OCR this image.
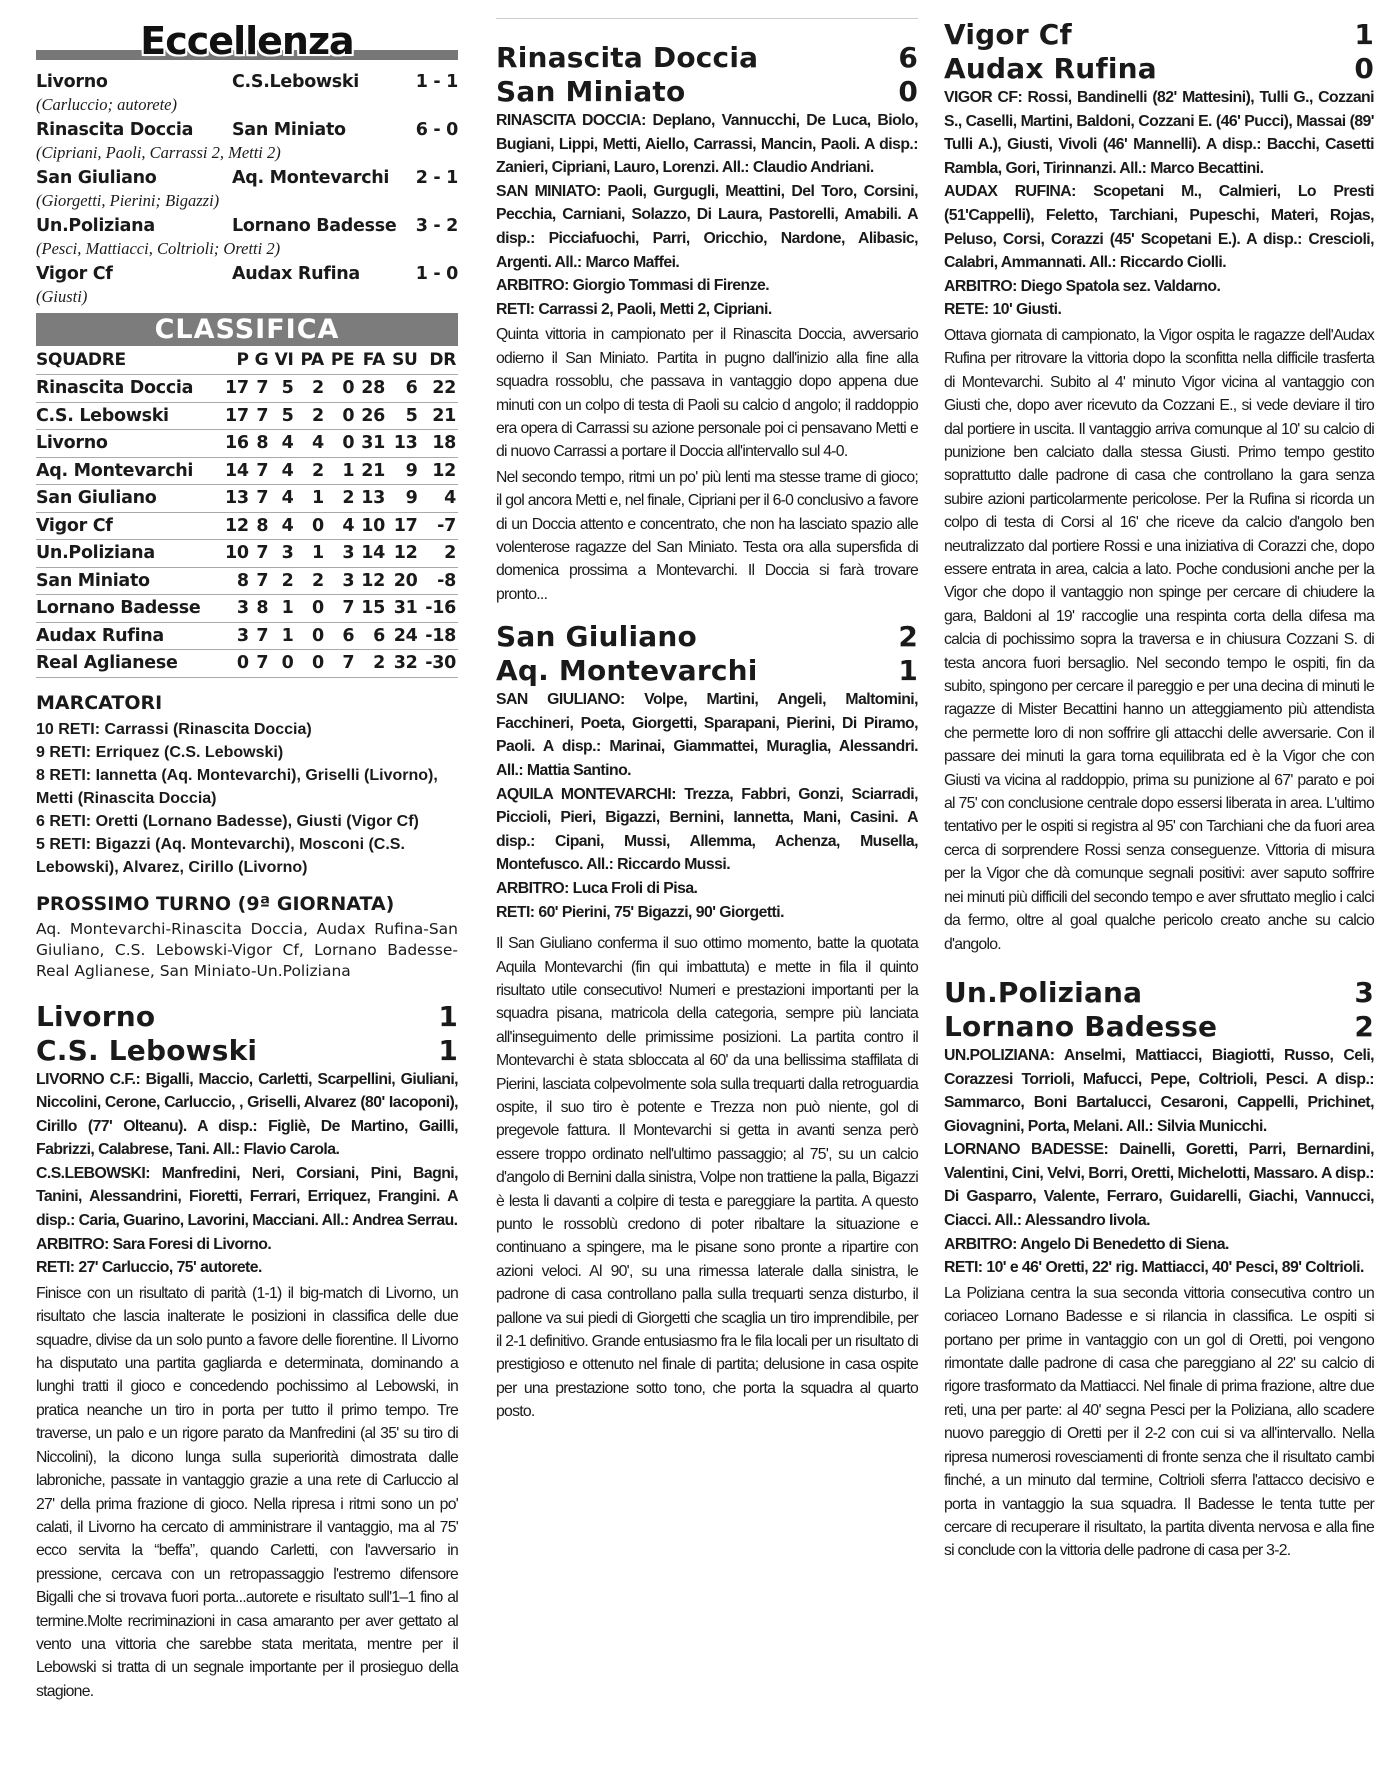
Eccellenza
Livorno	C.S.Lebowski	1 - 1
(Carluccio; autorete)
Rinascita Doccia	San Miniato	6 - 0
(Cipriani, Paoli, Carrassi 2, Metti 2)
San Giuliano	Aq. Montevarchi	2 - 1
(Giorgetti, Pierini; Bigazzi)
Un.Poliziana	Lornano Badesse	3 - 2
(Pesci, Mattiacci, Coltrioli; Oretti 2)
Vigor Cf	Audax Rufina	1 - 0
(Giusti)
CLASSIFICA
SQUADRE	P	G	VI	PA	PE	FA	SU	DR
Rinascita Doccia	17	7	5	2	0	28	6	22
C.S. Lebowski	17	7	5	2	0	26	5	21
Livorno	16	8	4	4	0	31	13	18
Aq. Montevarchi	14	7	4	2	1	21	9	12
San Giuliano	13	7	4	1	2	13	9	4
Vigor Cf	12	8	4	0	4	10	17	-7
Un.Poliziana	10	7	3	1	3	14	12	2
San Miniato	8	7	2	2	3	12	20	-8
Lornano Badesse	3	8	1	0	7	15	31	-16
Audax Rufina	3	7	1	0	6	6	24	-18
Real Aglianese	0	7	0	0	7	2	32	-30
MARCATORI
10 RETI: Carrassi (Rinascita Doccia)
9 RETI: Erriquez (C.S. Lebowski)
8 RETI: Iannetta (Aq. Montevarchi), Griselli (Livorno), Metti (Rinascita Doccia)
6 RETI: Oretti (Lornano Badesse), Giusti (Vigor Cf)
5 RETI: Bigazzi (Aq. Montevarchi), Mosconi (C.S. Lebowski), Alvarez, Cirillo (Livorno)
PROSSIMO TURNO (9ª GIORNATA)
Aq. Montevarchi-Rinascita Doccia, Audax Rufina-San Giuliano, C.S. Lebowski-Vigor Cf, Lornano Badesse-Real Aglianese, San Miniato-Un.Poliziana
Livorno	1
C.S. Lebowski	1
LIVORNO C.F.: Bigalli, Maccio, Carletti, Scarpellini, Giuliani, Niccolini, Cerone, Carluccio, , Griselli, Alvarez (80' Iacoponi), Cirillo (77' Olteanu). A disp.: Figliè, De Martino, Gailli, Fabrizzi, Calabrese, Tani. All.: Flavio Carola.
C.S.LEBOWSKI: Manfredini, Neri, Corsiani, Pini, Bagni, Tanini, Alessandrini, Fioretti, Ferrari, Erriquez, Frangini. A disp.: Caria, Guarino, Lavorini, Macciani. All.: Andrea Serrau.
ARBITRO: Sara Foresi di Livorno.
RETI: 27' Carluccio, 75' autorete.
Finisce con un risultato di parità (1-1) il big-match di Livorno, un risultato che lascia inalterate le posizioni in classifica delle due squadre, divise da un solo punto a favore delle fiorentine. Il Livorno ha disputato una partita gagliarda e determinata, dominando a lunghi tratti il gioco e concedendo pochissimo al Lebowski, in pratica neanche un tiro in porta per tutto il primo tempo. Tre traverse, un palo e un rigore parato da Manfredini (al 35' su tiro di Niccolini), la dicono lunga sulla superiorità dimostrata dalle labroniche, passate in vantaggio grazie a una rete di Carluccio al 27' della prima frazione di gioco. Nella ripresa i ritmi sono un po' calati, il Livorno ha cercato di amministrare il vantaggio, ma al 75' ecco servita la “beffa”, quando Carletti, con l'avversario in pressione, cercava con un retropassaggio l'estremo difensore Bigalli che si trovava fuori porta...autorete e risultato sull'1–1 fino al termine.Molte recriminazioni in casa amaranto per aver gettato al vento una vittoria che sarebbe stata meritata, mentre per il Lebowski si tratta di un segnale importante per il prosieguo della stagione.
Rinascita Doccia	6
San Miniato	0
RINASCITA DOCCIA: Deplano, Vannucchi, De Luca, Biolo, Bugiani, Lippi, Metti, Aiello, Carrassi, Mancin, Paoli. A disp.: Zanieri, Cipriani, Lauro, Lorenzi. All.: Claudio Andriani.
SAN MINIATO: Paoli, Gurgugli, Meattini, Del Toro, Corsini, Pecchia, Carniani, Solazzo, Di Laura, Pastorelli, Amabili. A disp.: Picciafuochi, Parri, Oricchio, Nardone, Alibasic, Argenti. All.: Marco Maffei.
ARBITRO: Giorgio Tommasi di Firenze.
RETI: Carrassi 2, Paoli, Metti 2, Cipriani.
Quinta vittoria in campionato per il Rinascita Doccia, avversario odierno il San Miniato. Partita in pugno dall'inizio alla fine alla squadra rossoblu, che passava in vantaggio dopo appena due minuti con un colpo di testa di Paoli su calcio d angolo; il raddoppio era opera di Carrassi su azione personale poi ci pensavano Metti e di nuovo Carrassi a portare il Doccia all'intervallo sul 4-0.
Nel secondo tempo, ritmi un po' più lenti ma stesse trame di gioco; il gol ancora Metti e, nel finale, Cipriani per il 6-0 conclusivo a favore di un Doccia attento e concentrato, che non ha lasciato spazio alle volenterose ragazze del San Miniato. Testa ora alla supersfida di domenica prossima a Montevarchi. Il Doccia si farà trovare pronto...
San Giuliano	2
Aq. Montevarchi	1
SAN GIULIANO: Volpe, Martini, Angeli, Maltomini, Facchineri, Poeta, Giorgetti, Sparapani, Pierini, Di Piramo, Paoli. A disp.: Marinai, Giammattei, Muraglia, Alessandri. All.: Mattia Santino.
AQUILA MONTEVARCHI: Trezza, Fabbri, Gonzi, Sciarradi, Piccioli, Pieri, Bigazzi, Bernini, Iannetta, Mani, Casini. A disp.: Cipani, Mussi, Allemma, Achenza, Musella, Montefusco. All.: Riccardo Mussi.
ARBITRO: Luca Froli di Pisa.
RETI: 60' Pierini, 75' Bigazzi, 90' Giorgetti.
Il San Giuliano conferma il suo ottimo momento, batte la quotata Aquila Montevarchi (fin qui imbattuta) e mette in fila il quinto risultato utile consecutivo! Numeri e prestazioni importanti per la squadra pisana, matricola della categoria, sempre più lanciata all'inseguimento delle primissime posizioni. La partita contro il Montevarchi è stata sbloccata al 60' da una bellissima staffilata di Pierini, lasciata colpevolmente sola sulla trequarti dalla retroguardia ospite, il suo tiro è potente e Trezza non può niente, gol di pregevole fattura. Il Montevarchi si getta in avanti senza però essere troppo ordinato nell'ultimo passaggio; al 75', su un calcio d'angolo di Bernini dalla sinistra, Volpe non trattiene la palla, Bigazzi è lesta li davanti a colpire di testa e pareggiare la partita. A questo punto le rossoblù credono di poter ribaltare la situazione e continuano a spingere, ma le pisane sono pronte a ripartire con azioni veloci. Al 90', su una rimessa laterale dalla sinistra, le padrone di casa controllano palla sulla trequarti senza disturbo, il pallone va sui piedi di Giorgetti che scaglia un tiro imprendibile, per il 2-1 definitivo. Grande entusiasmo fra le fila locali per un risultato di prestigioso e ottenuto nel finale di partita; delusione in casa ospite per una prestazione sotto tono, che porta la squadra al quarto posto.
Vigor Cf	1
Audax Rufina	0
VIGOR CF: Rossi, Bandinelli (82' Mattesini), Tulli G., Cozzani S., Caselli, Martini, Baldoni, Cozzani E. (46' Pucci), Massai (89' Tulli A.), Giusti, Vivoli (46' Mannelli). A disp.: Bacchi, Casetti Rambla, Gori, Tirinnanzi. All.: Marco Becattini.
AUDAX RUFINA: Scopetani M., Calmieri, Lo Presti (51'Cappelli), Feletto, Tarchiani, Pupeschi, Materi, Rojas, Peluso, Corsi, Corazzi (45' Scopetani E.). A disp.: Crescioli, Calabri, Ammannati. All.: Riccardo Ciolli.
ARBITRO: Diego Spatola sez. Valdarno.
RETE: 10' Giusti.
Ottava giornata di campionato, la Vigor ospita le ragazze dell'Audax Rufina per ritrovare la vittoria dopo la sconfitta nella difficile trasferta di Montevarchi. Subito al 4' minuto Vigor vicina al vantaggio con Giusti che, dopo aver ricevuto da Cozzani E., si vede deviare il tiro dal portiere in uscita. Il vantaggio arriva comunque al 10' su calcio di punizione ben calciato dalla stessa Giusti. Primo tempo gestito soprattutto dalle padrone di casa che controllano la gara senza subire azioni particolarmente pericolose. Per la Rufina si ricorda un colpo di testa di Corsi al 16' che riceve da calcio d'angolo ben neutralizzato dal portiere Rossi e una iniziativa di Corazzi che, dopo essere entrata in area, calcia a lato. Poche condusioni anche per la Vigor che dopo il vantaggio non spinge per cercare di chiudere la gara, Baldoni al 19' raccoglie una respinta corta della difesa ma calcia di pochissimo sopra la traversa e in chiusura Cozzani S. di testa ancora fuori bersaglio. Nel secondo tempo le ospiti, fin da subito, spingono per cercare il pareggio e per una decina di minuti le ragazze di Mister Becattini hanno un atteggiamento più attendista che permette loro di non soffrire gli attacchi delle avversarie. Con il passare dei minuti la gara torna equilibrata ed è la Vigor che con Giusti va vicina al raddoppio, prima su punizione al 67' parato e poi al 75' con conclusione centrale dopo essersi liberata in area. L'ultimo tentativo per le ospiti si registra al 95' con Tarchiani che da fuori area cerca di sorprendere Rossi senza conseguenze. Vittoria di misura per la Vigor che dà comunque segnali positivi: aver saputo soffrire nei minuti più difficili del secondo tempo e aver sfruttato meglio i calci da fermo, oltre al goal qualche pericolo creato anche su calcio d'angolo.
Un.Poliziana	3
Lornano Badesse	2
UN.POLIZIANA: Anselmi, Mattiacci, Biagiotti, Russo, Celi, Corazzesi Torrioli, Mafucci, Pepe, Coltrioli, Pesci. A disp.: Sammarco, Boni Bartalucci, Cesaroni, Cappelli, Prichinet, Giovagnini, Porta, Melani. All.: Silvia Municchi.
LORNANO BADESSE: Dainelli, Goretti, Parri, Bernardini, Valentini, Cini, Velvi, Borri, Oretti, Michelotti, Massaro. A disp.: Di Gasparro, Valente, Ferraro, Guidarelli, Giachi, Vannucci, Ciacci. All.: Alessandro Iivola.
ARBITRO: Angelo Di Benedetto di Siena.
RETI: 10' e 46' Oretti, 22' rig. Mattiacci, 40' Pesci, 89' Coltrioli.
La Poliziana centra la sua seconda vittoria consecutiva contro un coriaceo Lornano Badesse e si rilancia in classifica. Le ospiti si portano per prime in vantaggio con un gol di Oretti, poi vengono rimontate dalle padrone di casa che pareggiano al 22' su calcio di rigore trasformato da Mattiacci. Nel finale di prima frazione, altre due reti, una per parte: al 40' segna Pesci per la Poliziana, allo scadere nuovo pareggio di Oretti per il 2-2 con cui si va all'intervallo. Nella ripresa numerosi rovesciamenti di fronte senza che il risultato cambi finché, a un minuto dal termine, Coltrioli sferra l'attacco decisivo e porta in vantaggio la sua squadra. Il Badesse le tenta tutte per cercare di recuperare il risultato, la partita diventa nervosa e alla fine si conclude con la vittoria delle padrone di casa per 3-2.
